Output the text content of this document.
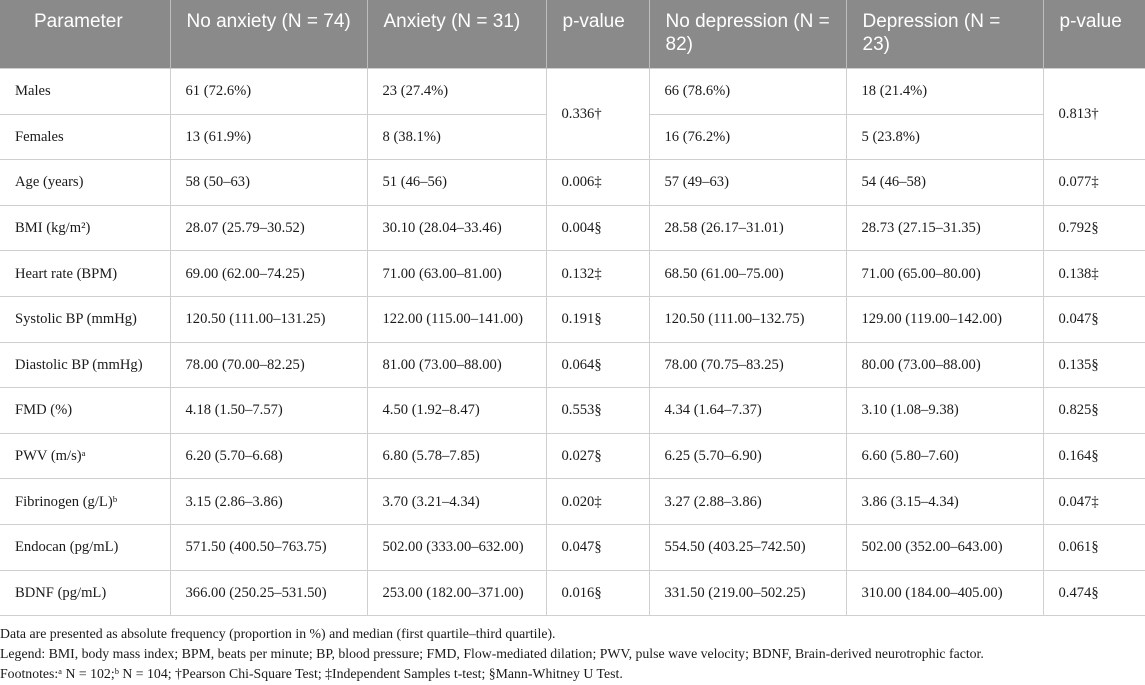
Parameter	No anxiety (N = 74)	Anxiety (N = 31)	p-value	No depression (N = 82)	Depression (N = 23)	p-value
Males	61 (72.6%)	23 (27.4%)	0.336†	66 (78.6%)	18 (21.4%)	0.813†
Females	13 (61.9%)	8 (38.1%)		16 (76.2%)	5 (23.8%)	
Age (years)	58 (50–63)	51 (46–56)	0.006‡	57 (49–63)	54 (46–58)	0.077‡
BMI (kg/m²)	28.07 (25.79–30.52)	30.10 (28.04–33.46)	0.004§	28.58 (26.17–31.01)	28.73 (27.15–31.35)	0.792§
Heart rate (BPM)	69.00 (62.00–74.25)	71.00 (63.00–81.00)	0.132‡	68.50 (61.00–75.00)	71.00 (65.00–80.00)	0.138‡
Systolic BP (mmHg)	120.50 (111.00–131.25)	122.00 (115.00–141.00)	0.191§	120.50 (111.00–132.75)	129.00 (119.00–142.00)	0.047§
Diastolic BP (mmHg)	78.00 (70.00–82.25)	81.00 (73.00–88.00)	0.064§	78.00 (70.75–83.25)	80.00 (73.00–88.00)	0.135§
FMD (%)	4.18 (1.50–7.57)	4.50 (1.92–8.47)	0.553§	4.34 (1.64–7.37)	3.10 (1.08–9.38)	0.825§
PWV (m/s)ᵃ	6.20 (5.70–6.68)	6.80 (5.78–7.85)	0.027§	6.25 (5.70–6.90)	6.60 (5.80–7.60)	0.164§
Fibrinogen (g/L)ᵇ	3.15 (2.86–3.86)	3.70 (3.21–4.34)	0.020‡	3.27 (2.88–3.86)	3.86 (3.15–4.34)	0.047‡
Endocan (pg/mL)	571.50 (400.50–763.75)	502.00 (333.00–632.00)	0.047§	554.50 (403.25–742.50)	502.00 (352.00–643.00)	0.061§
BDNF (pg/mL)	366.00 (250.25–531.50)	253.00 (182.00–371.00)	0.016§	331.50 (219.00–502.25)	310.00 (184.00–405.00)	0.474§

Data are presented as absolute frequency (proportion in %) and median (first quartile–third quartile).

Legend: BMI, body mass index; BPM, beats per minute; BP, blood pressure; FMD, Flow-mediated dilation; PWV, pulse wave velocity; BDNF, Brain-derived neurotrophic factor.

Footnotes:ᵃ N = 102;ᵇ N = 104; †Pearson Chi-Square Test; ‡Independent Samples t-test; §Mann-Whitney U Test.
